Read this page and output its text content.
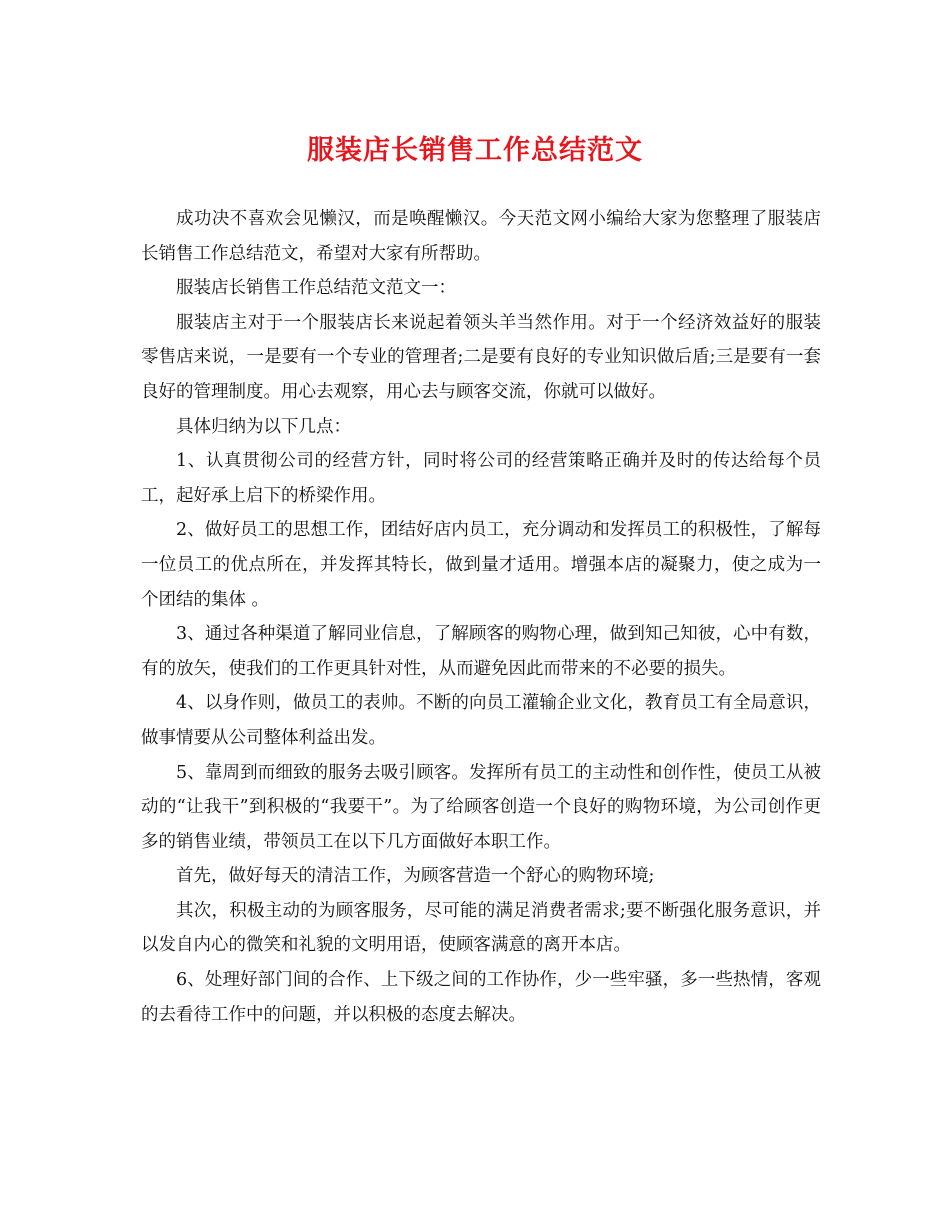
服装店长销售工作总结范文

成功决不喜欢会见懒汉，而是唤醒懒汉。今天范文网小编给大家为您整理了服装店长销售工作总结范文，希望对大家有所帮助。

服装店长销售工作总结范文范文一：

服装店主对于一个服装店长来说起着领头羊当然作用。对于一个经济效益好的服装零售店来说，一是要有一个专业的管理者;二是要有良好的专业知识做后盾;三是要有一套良好的管理制度。用心去观察，用心去与顾客交流，你就可以做好。

具体归纳为以下几点：

1、认真贯彻公司的经营方针，同时将公司的经营策略正确并及时的传达给每个员工，起好承上启下的桥梁作用。

2、做好员工的思想工作，团结好店内员工，充分调动和发挥员工的积极性，了解每一位员工的优点所在，并发挥其特长，做到量才适用。增强本店的凝聚力，使之成为一个团结的集体 。

3、通过各种渠道了解同业信息，了解顾客的购物心理，做到知己知彼，心中有数，有的放矢，使我们的工作更具针对性，从而避免因此而带来的不必要的损失。

4、以身作则，做员工的表帅。不断的向员工灌输企业文化，教育员工有全局意识，做事情要从公司整体利益出发。

5、靠周到而细致的服务去吸引顾客。发挥所有员工的主动性和创作性，使员工从被动的“让我干”到积极的“我要干”。为了给顾客创造一个良好的购物环境，为公司创作更多的销售业绩，带领员工在以下几方面做好本职工作。

首先，做好每天的清洁工作，为顾客营造一个舒心的购物环境;

其次，积极主动的为顾客服务，尽可能的满足消费者需求;要不断强化服务意识，并以发自内心的微笑和礼貌的文明用语，使顾客满意的离开本店。

6、处理好部门间的合作、上下级之间的工作协作，少一些牢骚，多一些热情，客观的去看待工作中的问题，并以积极的态度去解决。
